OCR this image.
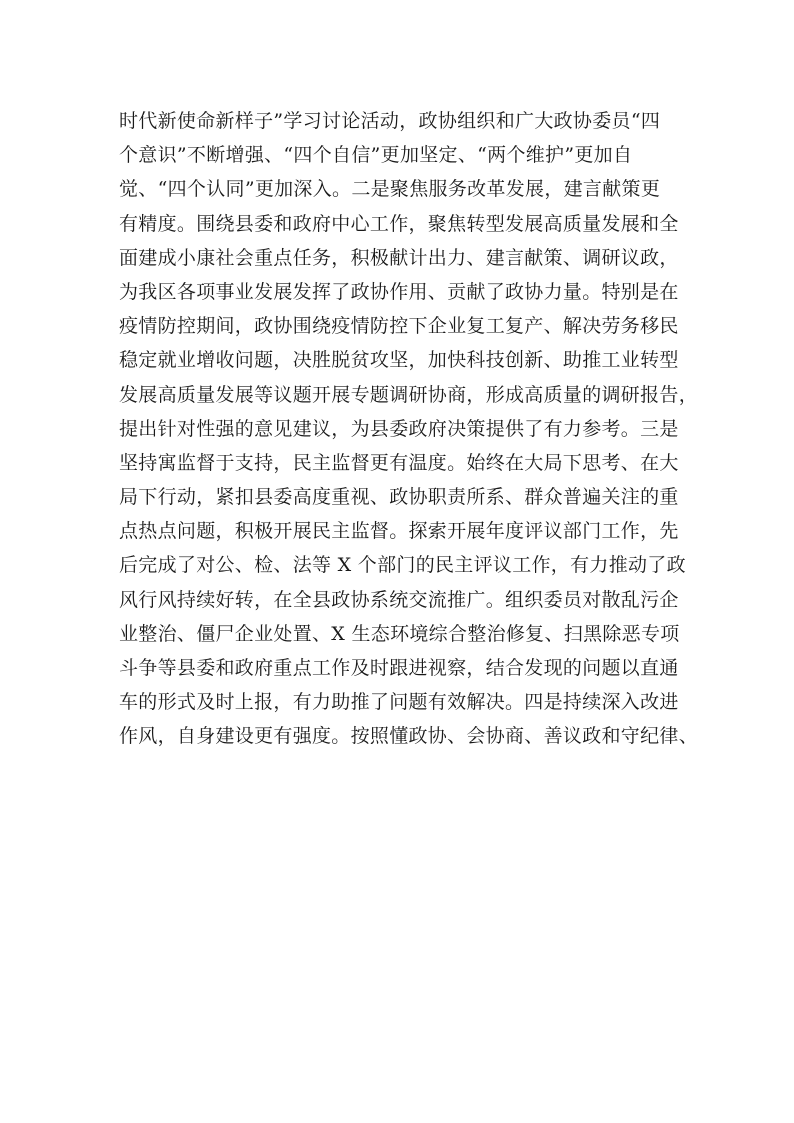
时代新使命新样子”学习讨论活动，政协组织和广大政协委员“四
个意识”不断增强、“四个自信”更加坚定、“两个维护”更加自
觉、“四个认同”更加深入。二是聚焦服务改革发展，建言献策更
有精度。围绕县委和政府中心工作，聚焦转型发展高质量发展和全
面建成小康社会重点任务，积极献计出力、建言献策、调研议政，
为我区各项事业发展发挥了政协作用、贡献了政协力量。特别是在
疫情防控期间，政协围绕疫情防控下企业复工复产、解决劳务移民
稳定就业增收问题，决胜脱贫攻坚，加快科技创新、助推工业转型
发展高质量发展等议题开展专题调研协商，形成高质量的调研报告，
提出针对性强的意见建议，为县委政府决策提供了有力参考。三是
坚持寓监督于支持，民主监督更有温度。始终在大局下思考、在大
局下行动，紧扣县委高度重视、政协职责所系、群众普遍关注的重
点热点问题，积极开展民主监督。探索开展年度评议部门工作，先
后完成了对公、检、法等 X 个部门的民主评议工作，有力推动了政
风行风持续好转，在全县政协系统交流推广。组织委员对散乱污企
业整治、僵尸企业处置、X 生态环境综合整治修复、扫黑除恶专项
斗争等县委和政府重点工作及时跟进视察，结合发现的问题以直通
车的形式及时上报，有力助推了问题有效解决。四是持续深入改进
作风，自身建设更有强度。按照懂政协、会协商、善议政和守纪律、
